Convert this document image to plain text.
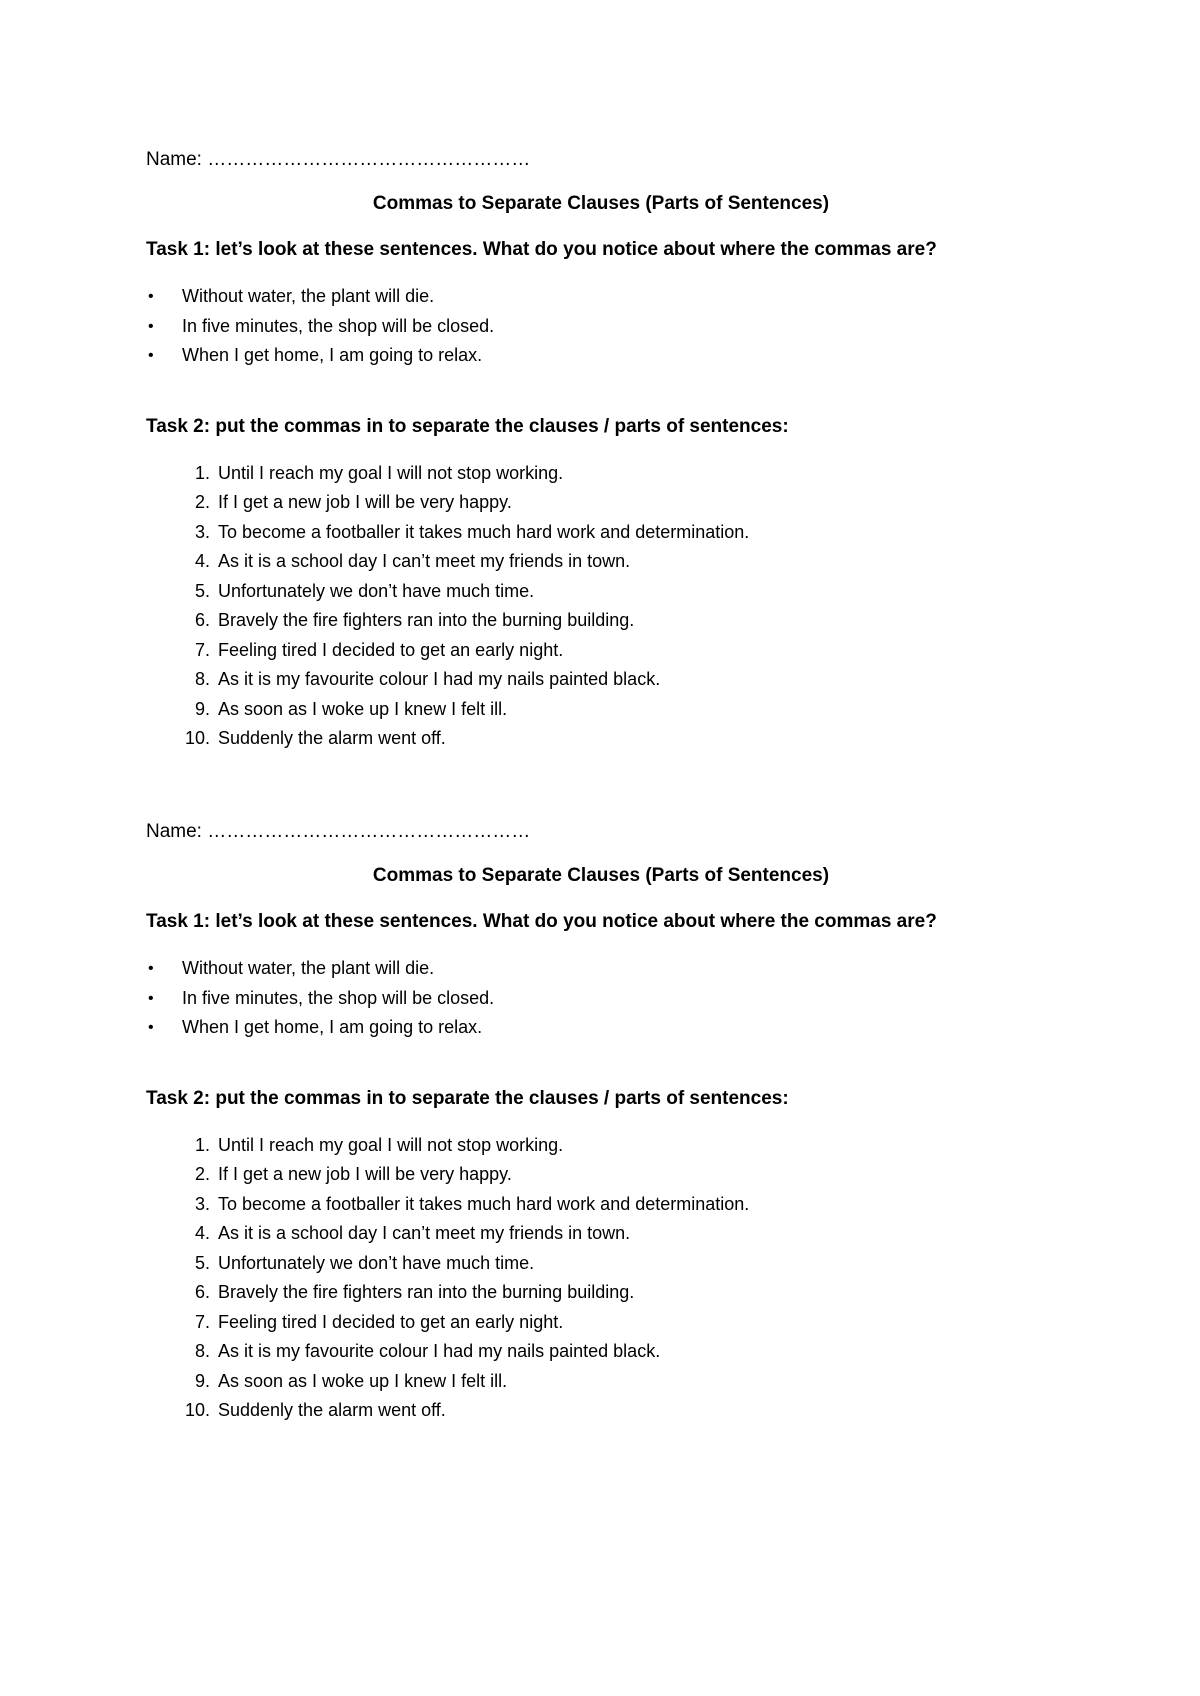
Name: ……………………………………………
Commas to Separate Clauses (Parts of Sentences)
Task 1: let’s look at these sentences. What do you notice about where the commas are?
• Without water, the plant will die.
• In five minutes, the shop will be closed.
• When I get home, I am going to relax.
Task 2: put the commas in to separate the clauses / parts of sentences:
1. Until I reach my goal I will not stop working.
2. If I get a new job I will be very happy.
3. To become a footballer it takes much hard work and determination.
4. As it is a school day I can’t meet my friends in town.
5. Unfortunately we don’t have much time.
6. Bravely the fire fighters ran into the burning building.
7. Feeling tired I decided to get an early night.
8. As it is my favourite colour I had my nails painted black.
9. As soon as I woke up I knew I felt ill.
10. Suddenly the alarm went off.
Name: ……………………………………………
Commas to Separate Clauses (Parts of Sentences)
Task 1: let’s look at these sentences. What do you notice about where the commas are?
• Without water, the plant will die.
• In five minutes, the shop will be closed.
• When I get home, I am going to relax.
Task 2: put the commas in to separate the clauses / parts of sentences:
1. Until I reach my goal I will not stop working.
2. If I get a new job I will be very happy.
3. To become a footballer it takes much hard work and determination.
4. As it is a school day I can’t meet my friends in town.
5. Unfortunately we don’t have much time.
6. Bravely the fire fighters ran into the burning building.
7. Feeling tired I decided to get an early night.
8. As it is my favourite colour I had my nails painted black.
9. As soon as I woke up I knew I felt ill.
10. Suddenly the alarm went off.
